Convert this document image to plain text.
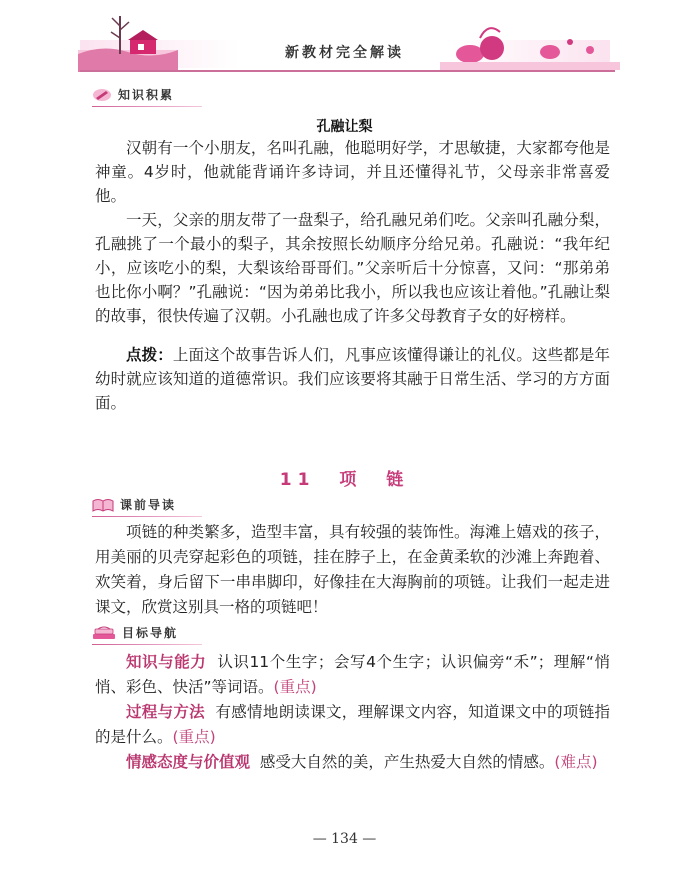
新教材完全解读
知识积累
孔融让梨

汉朝有一个小朋友，名叫孔融，他聪明好学，才思敏捷，大家都夸他是神童。4岁时，他就能背诵许多诗词，并且还懂得礼节，父母亲非常喜爱他。

一天，父亲的朋友带了一盘梨子，给孔融兄弟们吃。父亲叫孔融分梨，孔融挑了一个最小的梨子，其余按照长幼顺序分给兄弟。孔融说：“我年纪小，应该吃小的梨，大梨该给哥哥们。”父亲听后十分惊喜，又问：“那弟弟也比你小啊？”孔融说：“因为弟弟比我小，所以我也应该让着他。”孔融让梨的故事，很快传遍了汉朝。小孔融也成了许多父母教育子女的好榜样。

点拨：上面这个故事告诉人们，凡事应该懂得谦让的礼仪。这些都是年幼时就应该知道的道德常识。我们应该要将其融于日常生活、学习的方方面面。

11 项 链
课前导读

项链的种类繁多，造型丰富，具有较强的装饰性。海滩上嬉戏的孩子，用美丽的贝壳穿起彩色的项链，挂在脖子上，在金黄柔软的沙滩上奔跑着、欢笑着，身后留下一串串脚印，好像挂在大海胸前的项链。让我们一起走进课文，欣赏这别具一格的项链吧！

目标导航

知识与能力 认识11个生字；会写4个生字；认识偏旁“禾”；理解“悄悄、彩色、快活”等词语。(重点)

过程与方法 有感情地朗读课文，理解课文内容，知道课文中的项链指的是什么。(重点)

情感态度与价值观 感受大自然的美，产生热爱大自然的情感。(难点)

— 134 —
